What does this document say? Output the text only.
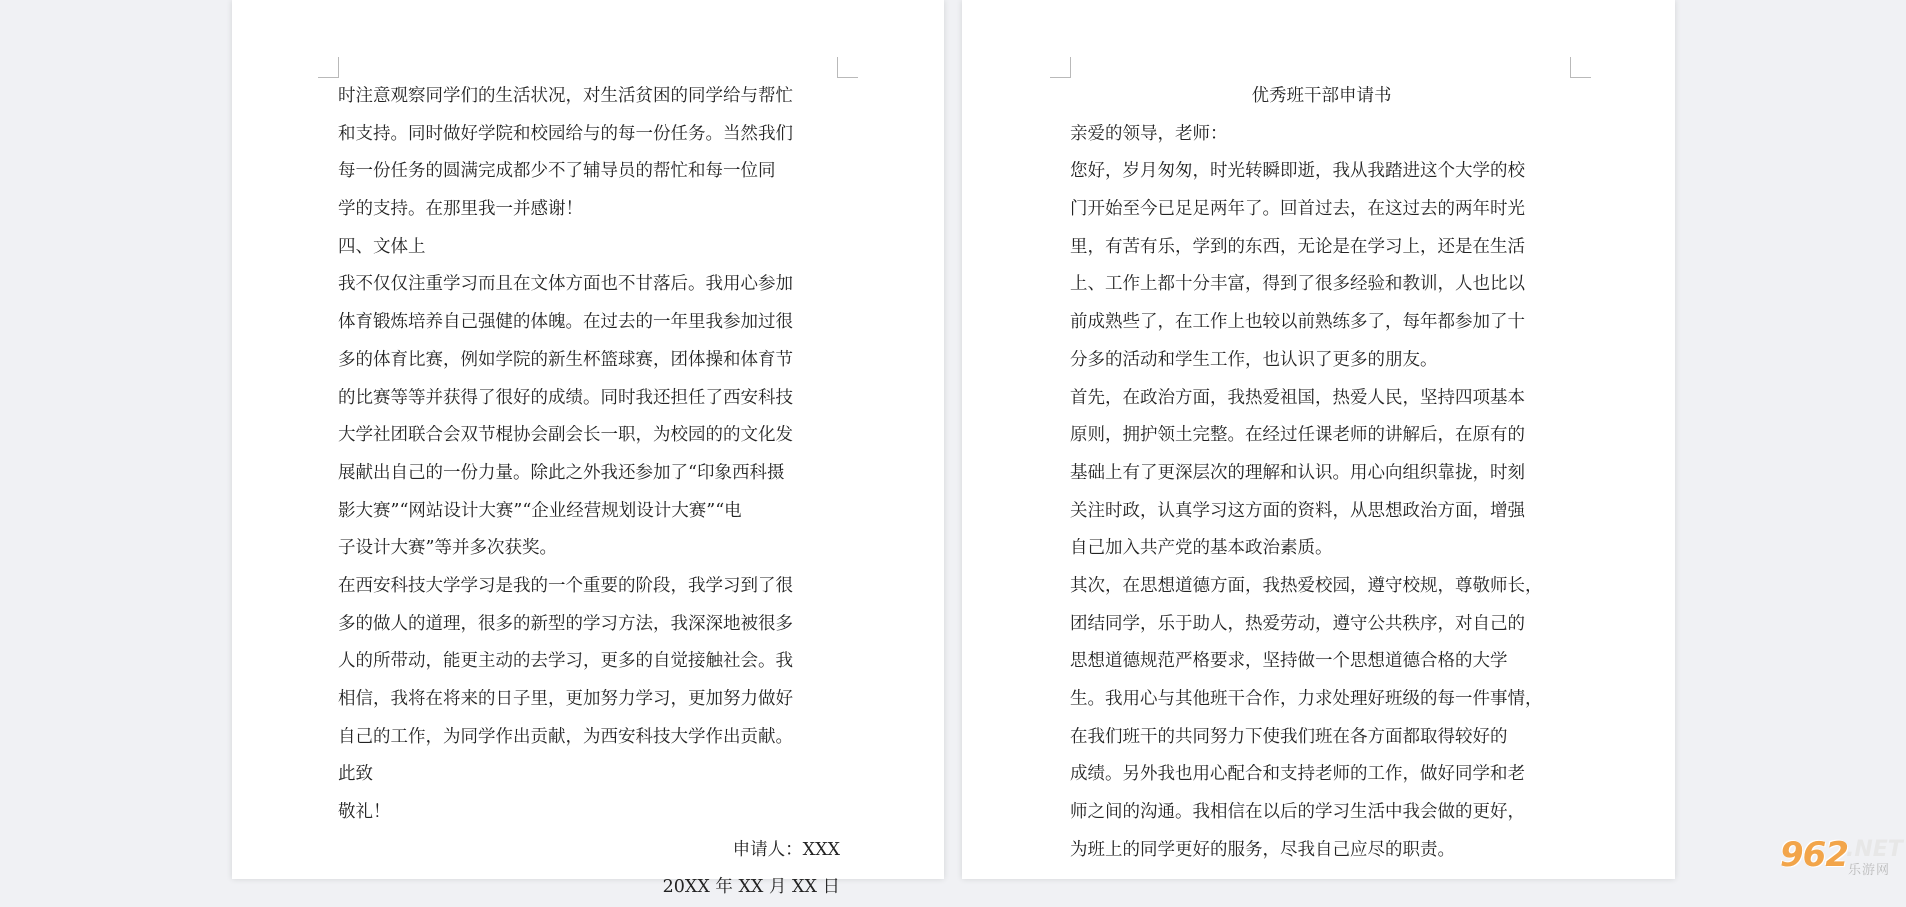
时注意观察同学们的生活状况，对生活贫困的同学给与帮忙
和支持。同时做好学院和校园给与的每一份任务。当然我们
每一份任务的圆满完成都少不了辅导员的帮忙和每一位同
学的支持。在那里我一并感谢！
四、文体上
我不仅仅注重学习而且在文体方面也不甘落后。我用心参加
体育锻炼培养自己强健的体魄。在过去的一年里我参加过很
多的体育比赛，例如学院的新生杯篮球赛，团体操和体育节
的比赛等等并获得了很好的成绩。同时我还担任了西安科技
大学社团联合会双节棍协会副会长一职，为校园的的文化发
展献出自己的一份力量。除此之外我还参加了“印象西科摄
影大赛”“网站设计大赛”“企业经营规划设计大赛”“电
子设计大赛”等并多次获奖。
在西安科技大学学习是我的一个重要的阶段，我学习到了很
多的做人的道理，很多的新型的学习方法，我深深地被很多
人的所带动，能更主动的去学习，更多的自觉接触社会。我
相信，我将在将来的日子里，更加努力学习，更加努力做好
自己的工作，为同学作出贡献，为西安科技大学作出贡献。
此致
敬礼！
申请人：XXX
20XX 年 XX 月 XX 日
优秀班干部申请书
亲爱的领导，老师：
您好，岁月匆匆，时光转瞬即逝，我从我踏进这个大学的校
门开始至今已足足两年了。回首过去，在这过去的两年时光
里，有苦有乐，学到的东西，无论是在学习上，还是在生活
上、工作上都十分丰富，得到了很多经验和教训，人也比以
前成熟些了，在工作上也较以前熟练多了，每年都参加了十
分多的活动和学生工作，也认识了更多的朋友。
首先，在政治方面，我热爱祖国，热爱人民，坚持四项基本
原则，拥护领土完整。在经过任课老师的讲解后，在原有的
基础上有了更深层次的理解和认识。用心向组织靠拢，时刻
关注时政，认真学习这方面的资料，从思想政治方面，增强
自己加入共产党的基本政治素质。
其次，在思想道德方面，我热爱校园，遵守校规，尊敬师长，
团结同学，乐于助人，热爱劳动，遵守公共秩序，对自己的
思想道德规范严格要求，坚持做一个思想道德合格的大学
生。我用心与其他班干合作，力求处理好班级的每一件事情，
在我们班干的共同努力下使我们班在各方面都取得较好的
成绩。另外我也用心配合和支持老师的工作，做好同学和老
师之间的沟通。我相信在以后的学习生活中我会做的更好，
为班上的同学更好的服务，尽我自己应尽的职责。	962
.NET
乐游网
